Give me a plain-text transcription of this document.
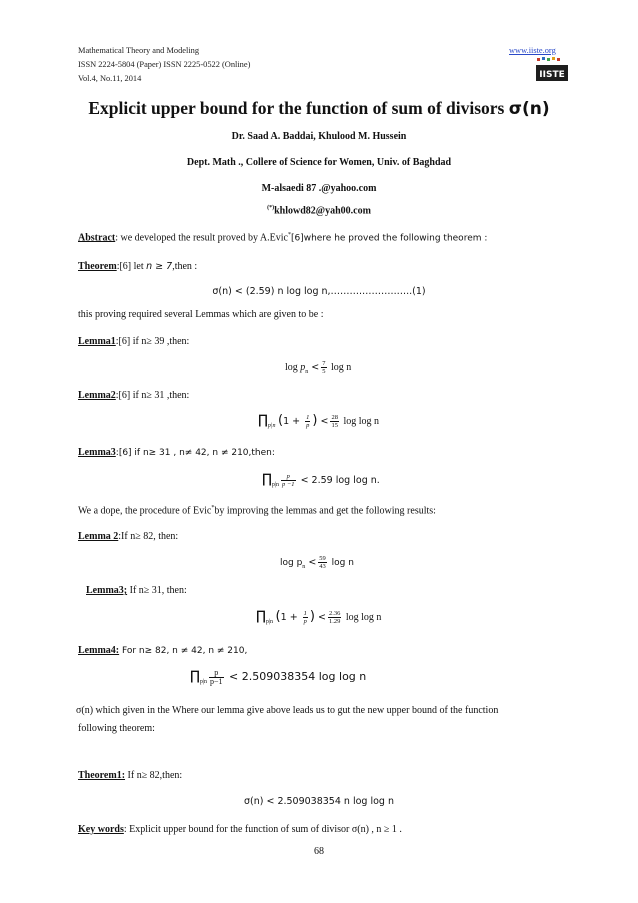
Mathematical Theory and Modeling
ISSN 2224-5804 (Paper) ISSN 2225-0522 (Online)
Vol.4, No.11, 2014
www.iiste.org
IISTE
Explicit upper bound for the function of sum of divisors σ(n)
Dr. Saad A. Baddai, Khulood M. Hussein
Dept. Math ., Collere of Science for Women, Univ. of Baghdad
M-alsaedi 87 .@yahoo.com
(*)khlowd82@yah00.com
Abstract: we developed the result proved by A.Evic*[6]where he proved the following theorem :
Theorem:[6] let n ≥ 7,then :
σ(n) < (2.59) n log log n,……….………..…..(1)
this proving required several Lemmas which are given to be :
Lemma1:[6] if n≥ 39 ,then:
$\log p_n < \frac{7}{5}$ log n
Lemma2:[6] if n≥ 31 ,then:
$\prod_{p|n}$ ($1 + \frac{1}{p}$ ) < $\frac{28}{15}$ log log n
Lemma3:[6] if n≥ 31 , n≠ 42, n ≠ 210,then:
$\prod_{p|n} \frac{p}{p -1} < 2.59$ log log n.
We a dope, the procedure of Evic*by improving the lemmas and get the following results:
Lemma 2:If n≥ 82, then:
$\log p_n < \frac{59}{43}$ log n
Lemma3; If n≥ 31, then:
$\prod_{p|n}$ ($1 + \frac{1}{p}$ ) < $\frac{2.36}{1.29}$ log log n
Lemma4: For n≥ 82, n ≠ 42, n ≠ 210,
$\prod_{p|n} \frac{p}{p-1} < 2.509038354$ log log n
σ(n) which given in the Where our lemma give above leads us to gut the new upper bound of the function
following theorem:
Theorem1: If n≥ 82,then:
σ(n) < 2.509038354 n log log n
Key words: Explicit upper bound for the function of sum of divisor σ(n) , n ≥ 1 .
68
